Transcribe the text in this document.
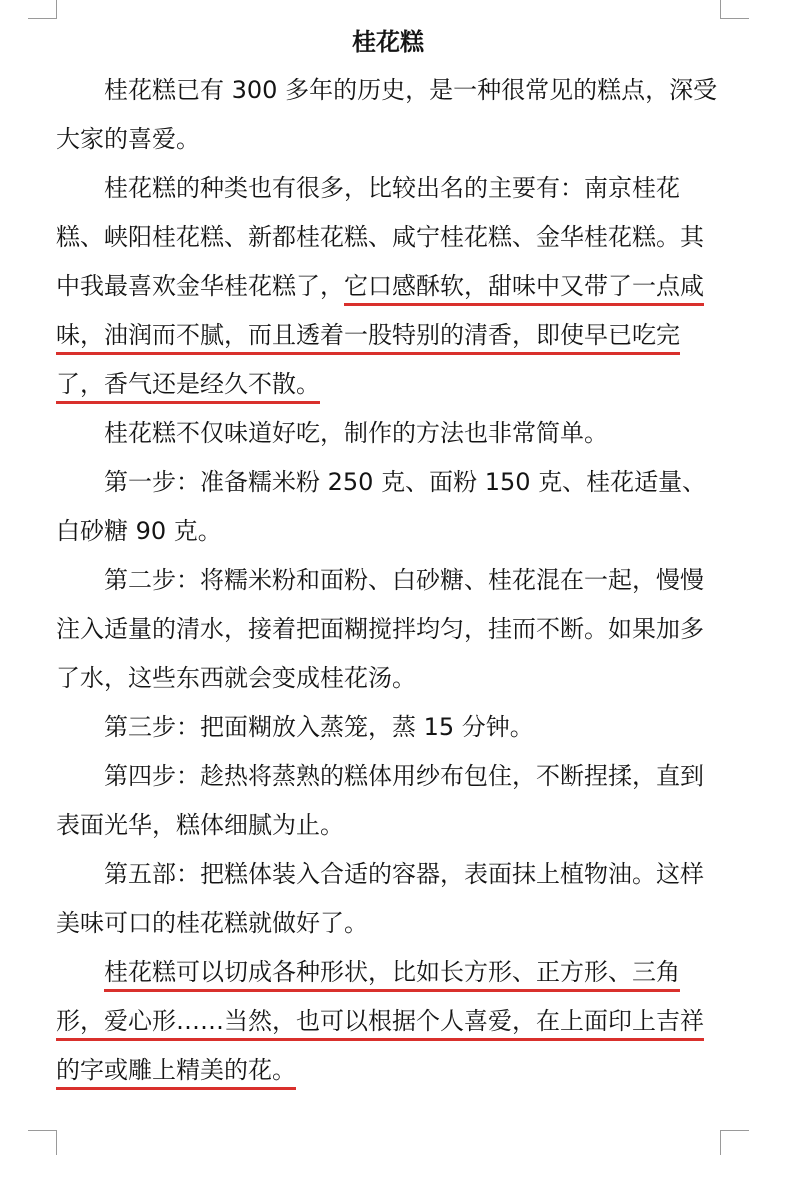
桂花糕

桂花糕已有 300 多年的历史，是一种很常见的糕点，深受大家的喜爱。

桂花糕的种类也有很多，比较出名的主要有：南京桂花糕、峡阳桂花糕、新都桂花糕、咸宁桂花糕、金华桂花糕。其中我最喜欢金华桂花糕了，它口感酥软，甜味中又带了一点咸味，油润而不腻，而且透着一股特别的清香，即使早已吃完了，香气还是经久不散。

桂花糕不仅味道好吃，制作的方法也非常简单。

第一步：准备糯米粉 250 克、面粉 150 克、桂花适量、白砂糖 90 克。

第二步：将糯米粉和面粉、白砂糖、桂花混在一起，慢慢注入适量的清水，接着把面糊搅拌均匀，挂而不断。如果加多了水，这些东西就会变成桂花汤。

第三步：把面糊放入蒸笼，蒸 15 分钟。

第四步：趁热将蒸熟的糕体用纱布包住，不断捏揉，直到表面光华，糕体细腻为止。

第五部：把糕体装入合适的容器，表面抹上植物油。这样美味可口的桂花糕就做好了。

桂花糕可以切成各种形状，比如长方形、正方形、三角形，爱心形……当然，也可以根据个人喜爱，在上面印上吉祥的字或雕上精美的花。
